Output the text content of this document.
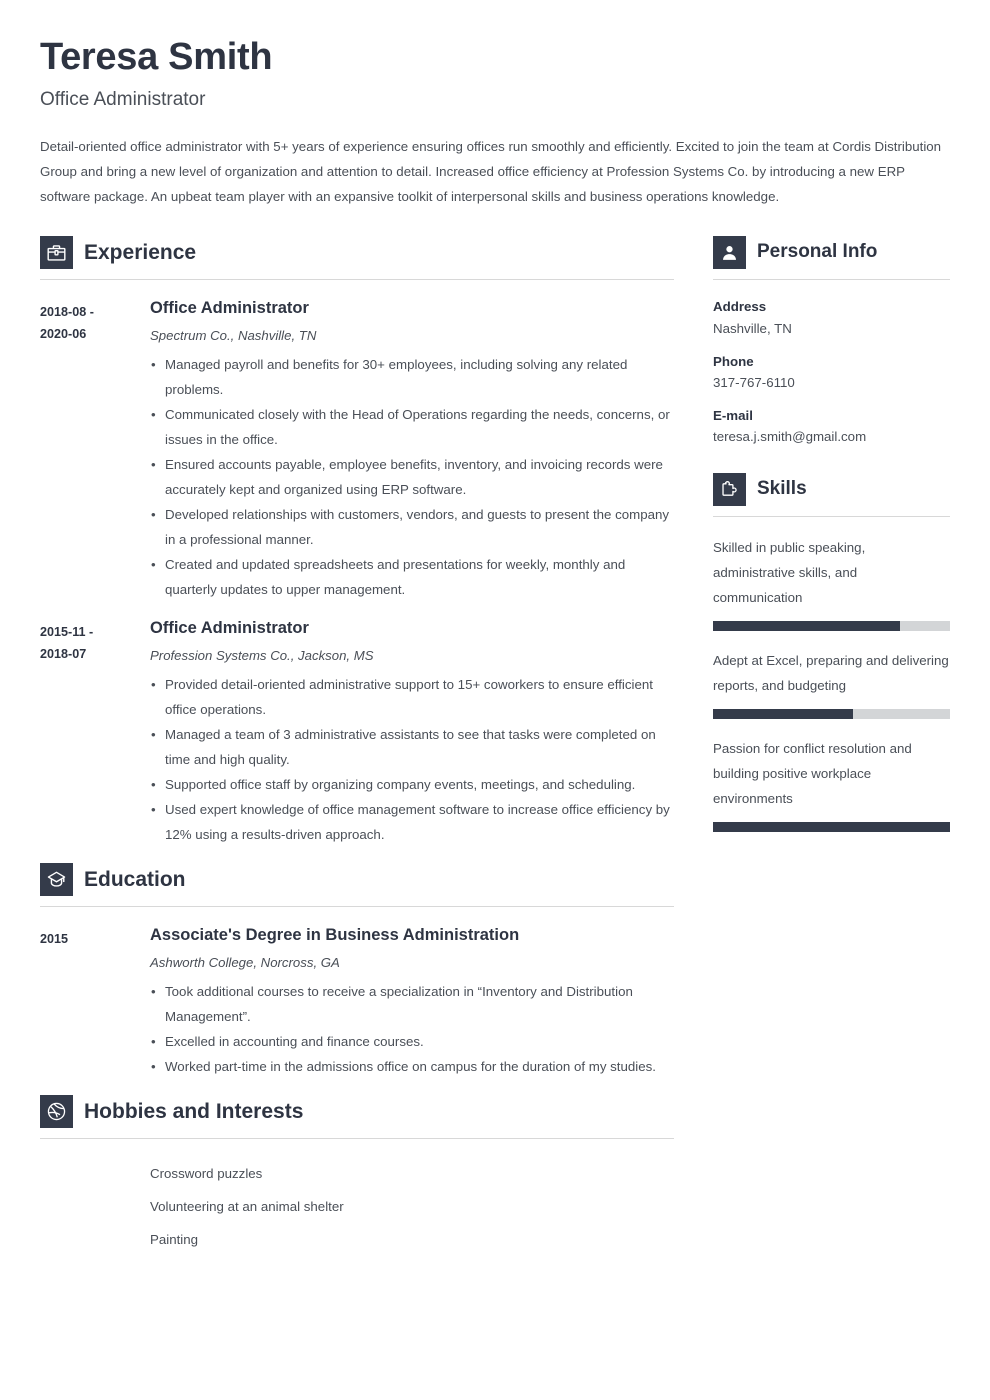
Teresa Smith
Office Administrator

Detail-oriented office administrator with 5+ years of experience ensuring offices run smoothly and efficiently. Excited to join the team at Cordis Distribution Group and bring a new level of organization and attention to detail. Increased office efficiency at Profession Systems Co. by introducing a new ERP software package. An upbeat team player with an expansive toolkit of interpersonal skills and business operations knowledge.

Experience
2018-08 -
2020-06
Office Administrator
Spectrum Co., Nashville, TN
• Managed payroll and benefits for 30+ employees, including solving any related problems.
• Communicated closely with the Head of Operations regarding the needs, concerns, or issues in the office.
• Ensured accounts payable, employee benefits, inventory, and invoicing records were accurately kept and organized using ERP software.
• Developed relationships with customers, vendors, and guests to present the company in a professional manner.
• Created and updated spreadsheets and presentations for weekly, monthly and quarterly updates to upper management.
2015-11 -
2018-07
Office Administrator
Profession Systems Co., Jackson, MS
• Provided detail-oriented administrative support to 15+ coworkers to ensure efficient office operations.
• Managed a team of 3 administrative assistants to see that tasks were completed on time and high quality.
• Supported office staff by organizing company events, meetings, and scheduling.
• Used expert knowledge of office management software to increase office efficiency by 12% using a results-driven approach.
Education
2015	Associate's Degree in Business Administration
Ashworth College, Norcross, GA
• Took additional courses to receive a specialization in “Inventory and Distribution Management”.
• Excelled in accounting and finance courses.
• Worked part-time in the admissions office on campus for the duration of my studies.
Hobbies and Interests
Crossword puzzles
Volunteering at an animal shelter
Painting
Personal Info
Address
Nashville, TN
Phone
317-767-6110
E-mail
teresa.j.smith@gmail.com
Skills
Skilled in public speaking, administrative skills, and communication
Adept at Excel, preparing and delivering reports, and budgeting
Passion for conflict resolution and building positive workplace environments
